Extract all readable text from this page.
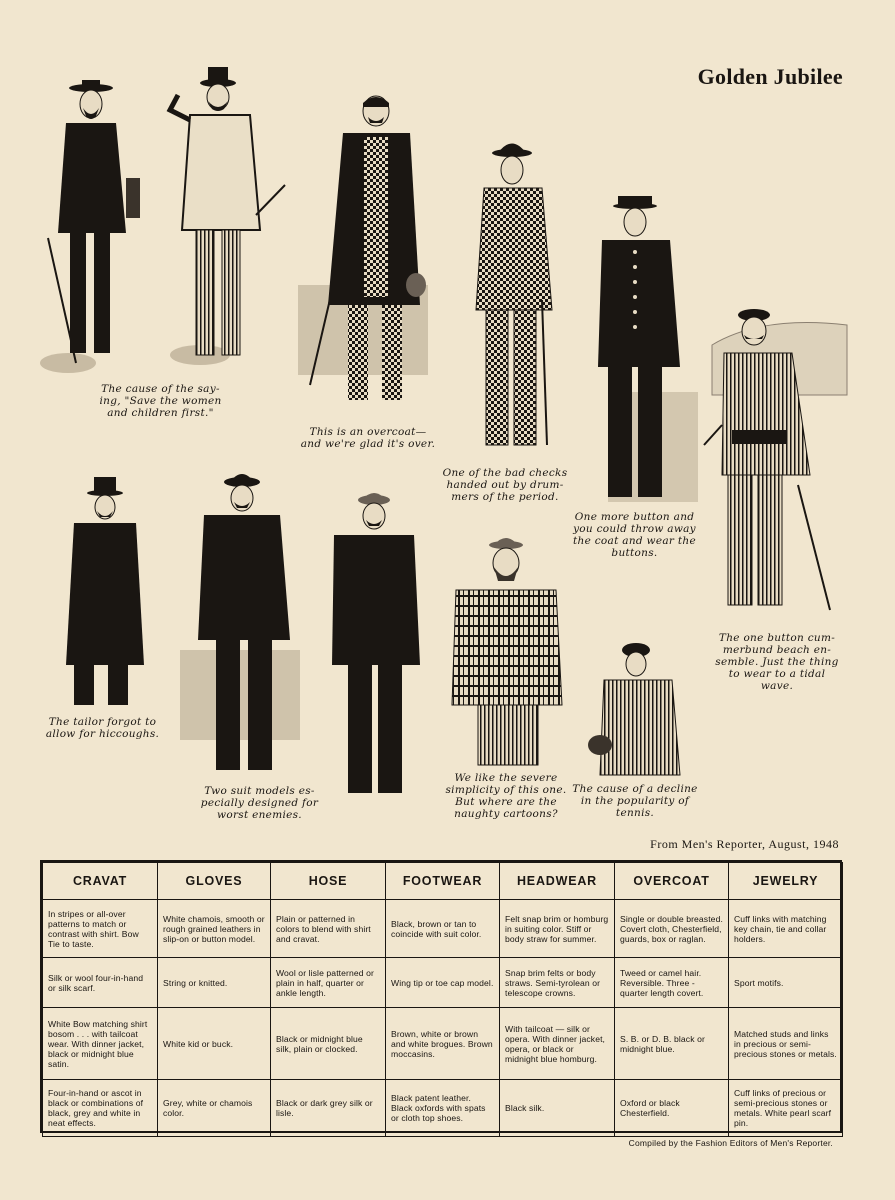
Golden Jubilee
The cause of the say-
ing, "Save the women
and children first."
This is an overcoat—
and we're glad it's over.
One of the bad checks
handed out by drum-
mers of the period.
One more button and
you could throw away
the coat and wear the
buttons.
The one button cum-
merbund beach en-
semble. Just the thing
to wear to a tidal wave.
The tailor forgot to
allow for hiccoughs.
Two suit models es-
pecially designed for
worst enemies.
We like the severe
simplicity of this one.
But where are the
naughty cartoons?
The cause of a decline
in the popularity of
tennis.
From Men's Reporter, August, 1948
CRAVAT	GLOVES	HOSE	FOOTWEAR	HEADWEAR	OVERCOAT	JEWELRY
In stripes or all-over patterns to match or contrast with shirt. Bow Tie to taste.	White chamois, smooth or rough grained leathers in slip-on or button model.	Plain or patterned in colors to blend with shirt and cravat.	Black, brown or tan to coincide with suit color.	Felt snap brim or homburg in suiting color. Stiff or body straw for summer.	Single or double breasted. Covert cloth, Chesterfield, guards, box or raglan.	Cuff links with matching key chain, tie and collar holders.
Silk or wool four-in-hand or silk scarf.	String or knitted.	Wool or lisle patterned or plain in half, quarter or ankle length.	Wing tip or toe cap model.	Snap brim felts or body straws. Semi-tyrolean or telescope crowns.	Tweed or camel hair. Reversible. Three - quarter length covert.	Sport motifs.
White Bow matching shirt bosom . . . with tailcoat wear. With dinner jacket, black or midnight blue satin.	White kid or buck.	Black or midnight blue silk, plain or clocked.	Brown, white or brown and white brogues. Brown moccasins.	With tailcoat — silk or opera. With dinner jacket, opera, or black or midnight blue homburg.	S. B. or D. B. black or midnight blue.	Matched studs and links in precious or semi-precious stones or metals.
Four-in-hand or ascot in black or combinations of black, grey and white in neat effects.	Grey, white or chamois color.	Black or dark grey silk or lisle.	Black patent leather. Black oxfords with spats or cloth top shoes.	Black silk.	Oxford or black Chesterfield.	Cuff links of precious or semi-precious stones or metals. White pearl scarf pin.
Compiled by the Fashion Editors of Men's Reporter.
